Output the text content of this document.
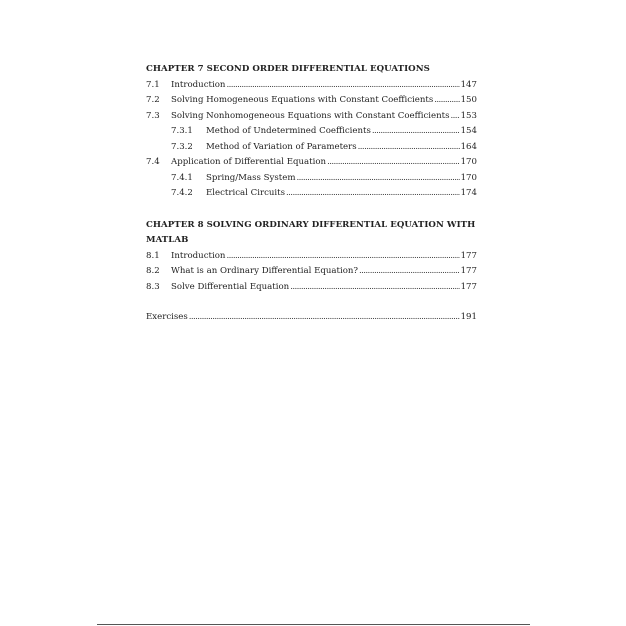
CHAPTER 7 SECOND ORDER DIFFERENTIAL EQUATIONS
7.1	Introduction .....	147
7.2	Solving Homogeneous Equations with Constant Coefficients .....	150
7.3	Solving Nonhomogeneous Equations with Constant Coefficients ..... 153
7.3.1	Method of Undetermined Coefficients .....	154
7.3.2	Method of Variation of Parameters .....	164
7.4	Application of Differential Equation .....	170
7.4.1	Spring/Mass System .....	170
7.4.2	Electrical Circuits .....	174
CHAPTER 8 SOLVING ORDINARY DIFFERENTIAL EQUATION WITH
MATLAB
8.1	Introduction .....	177
8.2	What is an Ordinary Differential Equation? .....	177
8.3	Solve Differential Equation .....	177
Exercises .....	191
